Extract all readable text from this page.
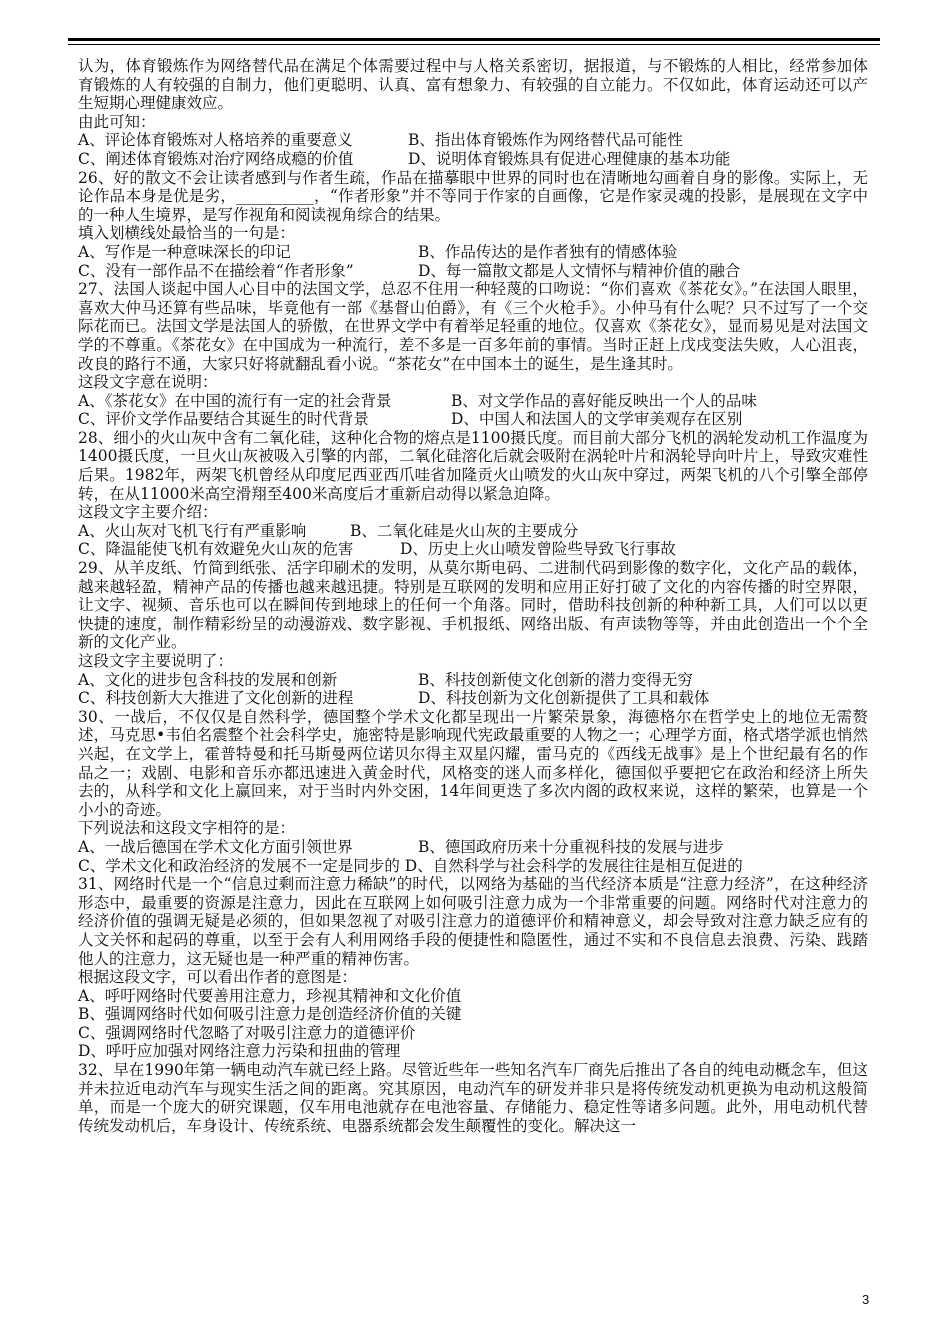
认为，体育锻炼作为网络替代品在满足个体需要过程中与人格关系密切，据报道，与不锻炼的人相比，经常参加体育锻炼的人有较强的自制力，他们更聪明、认真、富有想象力、有较强的自立能力。不仅如此，体育运动还可以产生短期心理健康效应。

由此可知：

A、评论体育锻炼对人格培养的重要意义	B、指出体育锻炼作为网络替代品可能性
C、阐述体育锻炼对治疗网络成瘾的价值	D、说明体育锻炼具有促进心理健康的基本功能

26、好的散文不会让读者感到与作者生疏，作品在描摹眼中世界的同时也在清晰地勾画着自身的影像。实际上，无论作品本身是优是劣，__________，“作者形象”并不等同于作家的自画像，它是作家灵魂的投影，是展现在文字中的一种人生境界，是写作视角和阅读视角综合的结果。

填入划横线处最恰当的一句是：

A、写作是一种意味深长的印记	B、作品传达的是作者独有的情感体验
C、没有一部作品不在描绘着“作者形象”	D、每一篇散文都是人文情怀与精神价值的融合

27、法国人谈起中国人心目中的法国文学，总忍不住用一种轻蔑的口吻说：“你们喜欢《茶花女》。”在法国人眼里，喜欢大仲马还算有些品味，毕竟他有一部《基督山伯爵》，有《三个火枪手》。小仲马有什么呢？只不过写了一个交际花而已。法国文学是法国人的骄傲，在世界文学中有着举足轻重的地位。仅喜欢《茶花女》，显而易见是对法国文学的不尊重。《茶花女》在中国成为一种流行，差不多是一百多年前的事情。当时正赶上戊戌变法失败，人心沮丧，改良的路行不通，大家只好将就翻乱看小说。“茶花女”在中国本土的诞生，是生逢其时。

这段文字意在说明：

A、《茶花女》在中国的流行有一定的社会背景	B、对文学作品的喜好能反映出一个人的品味
C、评价文学作品要结合其诞生的时代背景	D、中国人和法国人的文学审美观存在区别

28、细小的火山灰中含有二氧化硅，这种化合物的熔点是1100摄氏度。而目前大部分飞机的涡轮发动机工作温度为1400摄氏度，一旦火山灰被吸入引擎的内部，二氧化硅溶化后就会吸附在涡轮叶片和涡轮导向叶片上，导致灾难性后果。1982年，两架飞机曾经从印度尼西亚西爪哇省加隆贡火山喷发的火山灰中穿过，两架飞机的八个引擎全部停转，在从11000米高空滑翔至400米高度后才重新启动得以紧急迫降。

这段文字主要介绍：

A、火山灰对飞机飞行有严重影响	B、二氧化硅是火山灰的主要成分
C、降温能使飞机有效避免火山灰的危害	D、历史上火山喷发曾险些导致飞行事故

29、从羊皮纸、竹简到纸张、活字印刷术的发明，从莫尔斯电码、二进制代码到影像的数字化，文化产品的载体，越来越轻盈，精神产品的传播也越来越迅捷。特别是互联网的发明和应用正好打破了文化的内容传播的时空界限，让文字、视频、音乐也可以在瞬间传到地球上的任何一个角落。同时，借助科技创新的种种新工具，人们可以以更快捷的速度，制作精彩纷呈的动漫游戏、数字影视、手机报纸、网络出版、有声读物等等，并由此创造出一个个全新的文化产业。

这段文字主要说明了：

A、文化的进步包含科技的发展和创新	B、科技创新使文化创新的潜力变得无穷
C、科技创新大大推进了文化创新的进程	D、科技创新为文化创新提供了工具和载体

30、一战后，不仅仅是自然科学，德国整个学术文化都呈现出一片繁荣景象，海德格尔在哲学史上的地位无需赘述，马克思•韦伯名震整个社会科学史，施密特是影响现代宪政最重要的人物之一；心理学方面，格式塔学派也悄然兴起，在文学上，霍普特曼和托马斯曼两位诺贝尔得主双星闪耀，雷马克的《西线无战事》是上个世纪最有名的作品之一；戏剧、电影和音乐亦都迅速进入黄金时代，风格变的迷人而多样化，德国似乎要把它在政治和经济上所失去的，从科学和文化上赢回来，对于当时内外交困，14年间更迭了多次内阁的政权来说，这样的繁荣，也算是一个小小的奇迹。

下列说法和这段文字相符的是：

A、一战后德国在学术文化方面引领世界	B、德国政府历来十分重视科技的发展与进步

C、学术文化和政治经济的发展不一定是同步的 D、自然科学与社会科学的发展往往是相互促进的

31、网络时代是一个“信息过剩而注意力稀缺”的时代，以网络为基础的当代经济本质是“注意力经济”，在这种经济形态中，最重要的资源是注意力，因此在互联网上如何吸引注意力成为一个非常重要的问题。网络时代对注意力的经济价值的强调无疑是必须的，但如果忽视了对吸引注意力的道德评价和精神意义，却会导致对注意力缺乏应有的人文关怀和起码的尊重，以至于会有人利用网络手段的便捷性和隐匿性，通过不实和不良信息去浪费、污染、践踏他人的注意力，这无疑也是一种严重的精神伤害。

根据这段文字，可以看出作者的意图是：

A、呼吁网络时代要善用注意力，珍视其精神和文化价值

B、强调网络时代如何吸引注意力是创造经济价值的关键

C、强调网络时代忽略了对吸引注意力的道德评价

D、呼吁应加强对网络注意力污染和扭曲的管理

32、早在1990年第一辆电动汽车就已经上路。尽管近些年一些知名汽车厂商先后推出了各自的纯电动概念车，但这并未拉近电动汽车与现实生活之间的距离。究其原因，电动汽车的研发并非只是将传统发动机更换为电动机这般简单，而是一个庞大的研究课题，仅车用电池就存在电池容量、存储能力、稳定性等诸多问题。此外，用电动机代替传统发动机后，车身设计、传统系统、电器系统都会发生颠覆性的变化。解决这一

3
